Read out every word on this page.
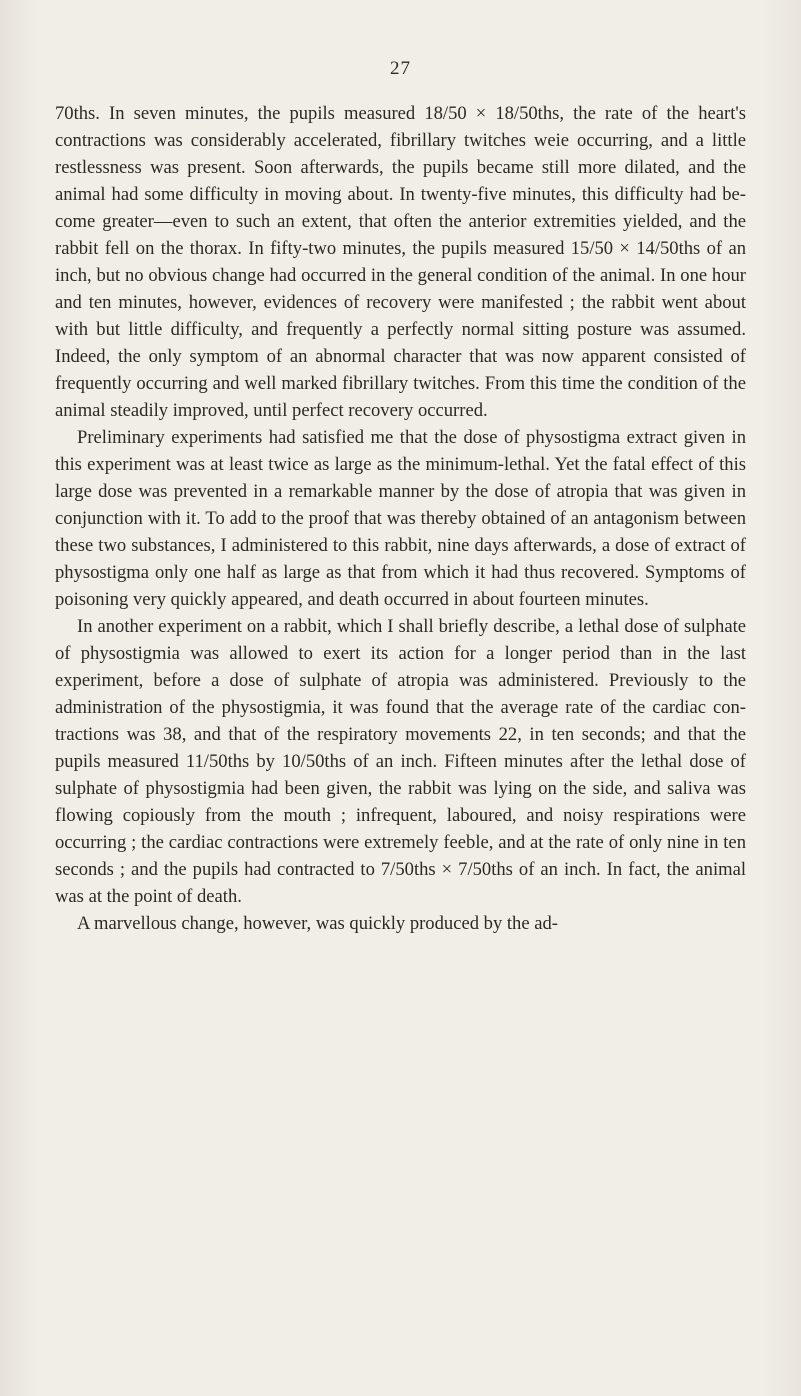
27

70ths. In seven minutes, the pupils measured 18/50 × 18/50ths, the rate of the heart's contractions was considerably accelerated, fibrillary twitches weie occurring, and a little restlessness was present. Soon afterwards, the pupils became still more dilated, and the animal had some difficulty in moving about. In twenty-five minutes, this difficulty had become greater—even to such an extent, that often the anterior extremities yielded, and the rabbit fell on the thorax. In fifty-two minutes, the pupils measured 15/50 × 14/50ths of an inch, but no obvious change had occurred in the general condition of the animal. In one hour and ten minutes, however, evidences of recovery were manifested ; the rabbit went about with but little difficulty, and frequently a perfectly normal sitting posture was assumed. Indeed, the only symptom of an abnormal character that was now apparent consisted of frequently occurring and well marked fibrillary twitches. From this time the condition of the animal steadily improved, until perfect recovery occurred.

Preliminary experiments had satisfied me that the dose of physostigma extract given in this experiment was at least twice as large as the minimum-lethal. Yet the fatal effect of this large dose was prevented in a remarkable manner by the dose of atropia that was given in conjunction with it. To add to the proof that was thereby obtained of an antagonism between these two substances, I administered to this rabbit, nine days afterwards, a dose of extract of physostigma only one half as large as that from which it had thus recovered. Symptoms of poisoning very quickly appeared, and death occurred in about fourteen minutes.

In another experiment on a rabbit, which I shall briefly describe, a lethal dose of sulphate of physostigmia was allowed to exert its action for a longer period than in the last experiment, before a dose of sulphate of atropia was administered. Previously to the administration of the physostigmia, it was found that the average rate of the cardiac contractions was 38, and that of the respiratory movements 22, in ten seconds; and that the pupils measured 11/50ths by 10/50ths of an inch. Fifteen minutes after the lethal dose of sulphate of physostigmia had been given, the rabbit was lying on the side, and saliva was flowing copiously from the mouth ; infrequent, laboured, and noisy respirations were occurring ; the cardiac contractions were extremely feeble, and at the rate of only nine in ten seconds ; and the pupils had contracted to 7/50ths × 7/50ths of an inch. In fact, the animal was at the point of death.

A marvellous change, however, was quickly produced by the ad-
